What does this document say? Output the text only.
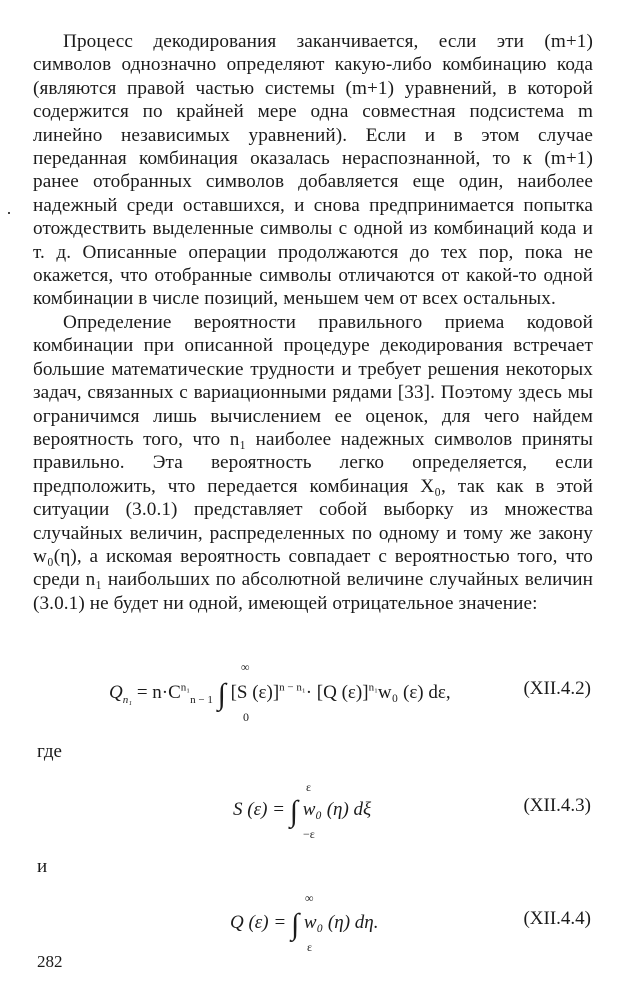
Процесс декодирования заканчивается, если эти (m+1) символов однозначно определяют какую-либо комбинацию кода (являются правой частью системы (m+1) уравнений, в которой содержится по крайней мере одна совместная подсистема m линейно независимых уравнений). Если и в этом случае переданная комбинация оказалась нераспознанной, то к (m+1) ранее отобранных символов добавляется еще один, наиболее надежный среди оставшихся, и снова предпринимается попытка отождествить выделенные символы с одной из комбинаций кода и т. д. Описанные операции продолжаются до тех пор, пока не окажется, что отобранные символы отличаются от какой-то одной комбинации в числе позиций, меньшем чем от всех остальных.

Определение вероятности правильного приема кодовой комбинации при описанной процедуре декодирования встречает большие математические трудности и требует решения некоторых задач, связанных с вариационными рядами [33]. Поэтому здесь мы ограничимся лишь вычислением ее оценок, для чего найдем вероятность того, что n₁ наиболее надежных символов приняты правильно. Эта вероятность легко определяется, если предположить, что передается комбинация X₀, так как в этой ситуации (3.0.1) представляет собой выборку из множества случайных величин, распределенных по одному и тому же закону w₀(η), а искомая вероятность совпадает с вероятностью того, что среди n₁ наибольших по абсолютной величине случайных величин (3.0.1) не будет ни одной, имеющей отрицательное значение:

$Q_{n_1} = n\cdot C^{n_1}_{n - 1}$ ∫ [S (ε)]$^{n - n_1}$· [Q (ε)]$^{n_1}$w₀ (ε) dε,
∞
0
(XII.4.2)
где
S (ε) = ∫ w₀ (η) dξ
ε
−ε
(XII.4.3)
и
Q (ε) = ∫ w₀ (η) dη.
∞
ε
(XII.4.4)
282
